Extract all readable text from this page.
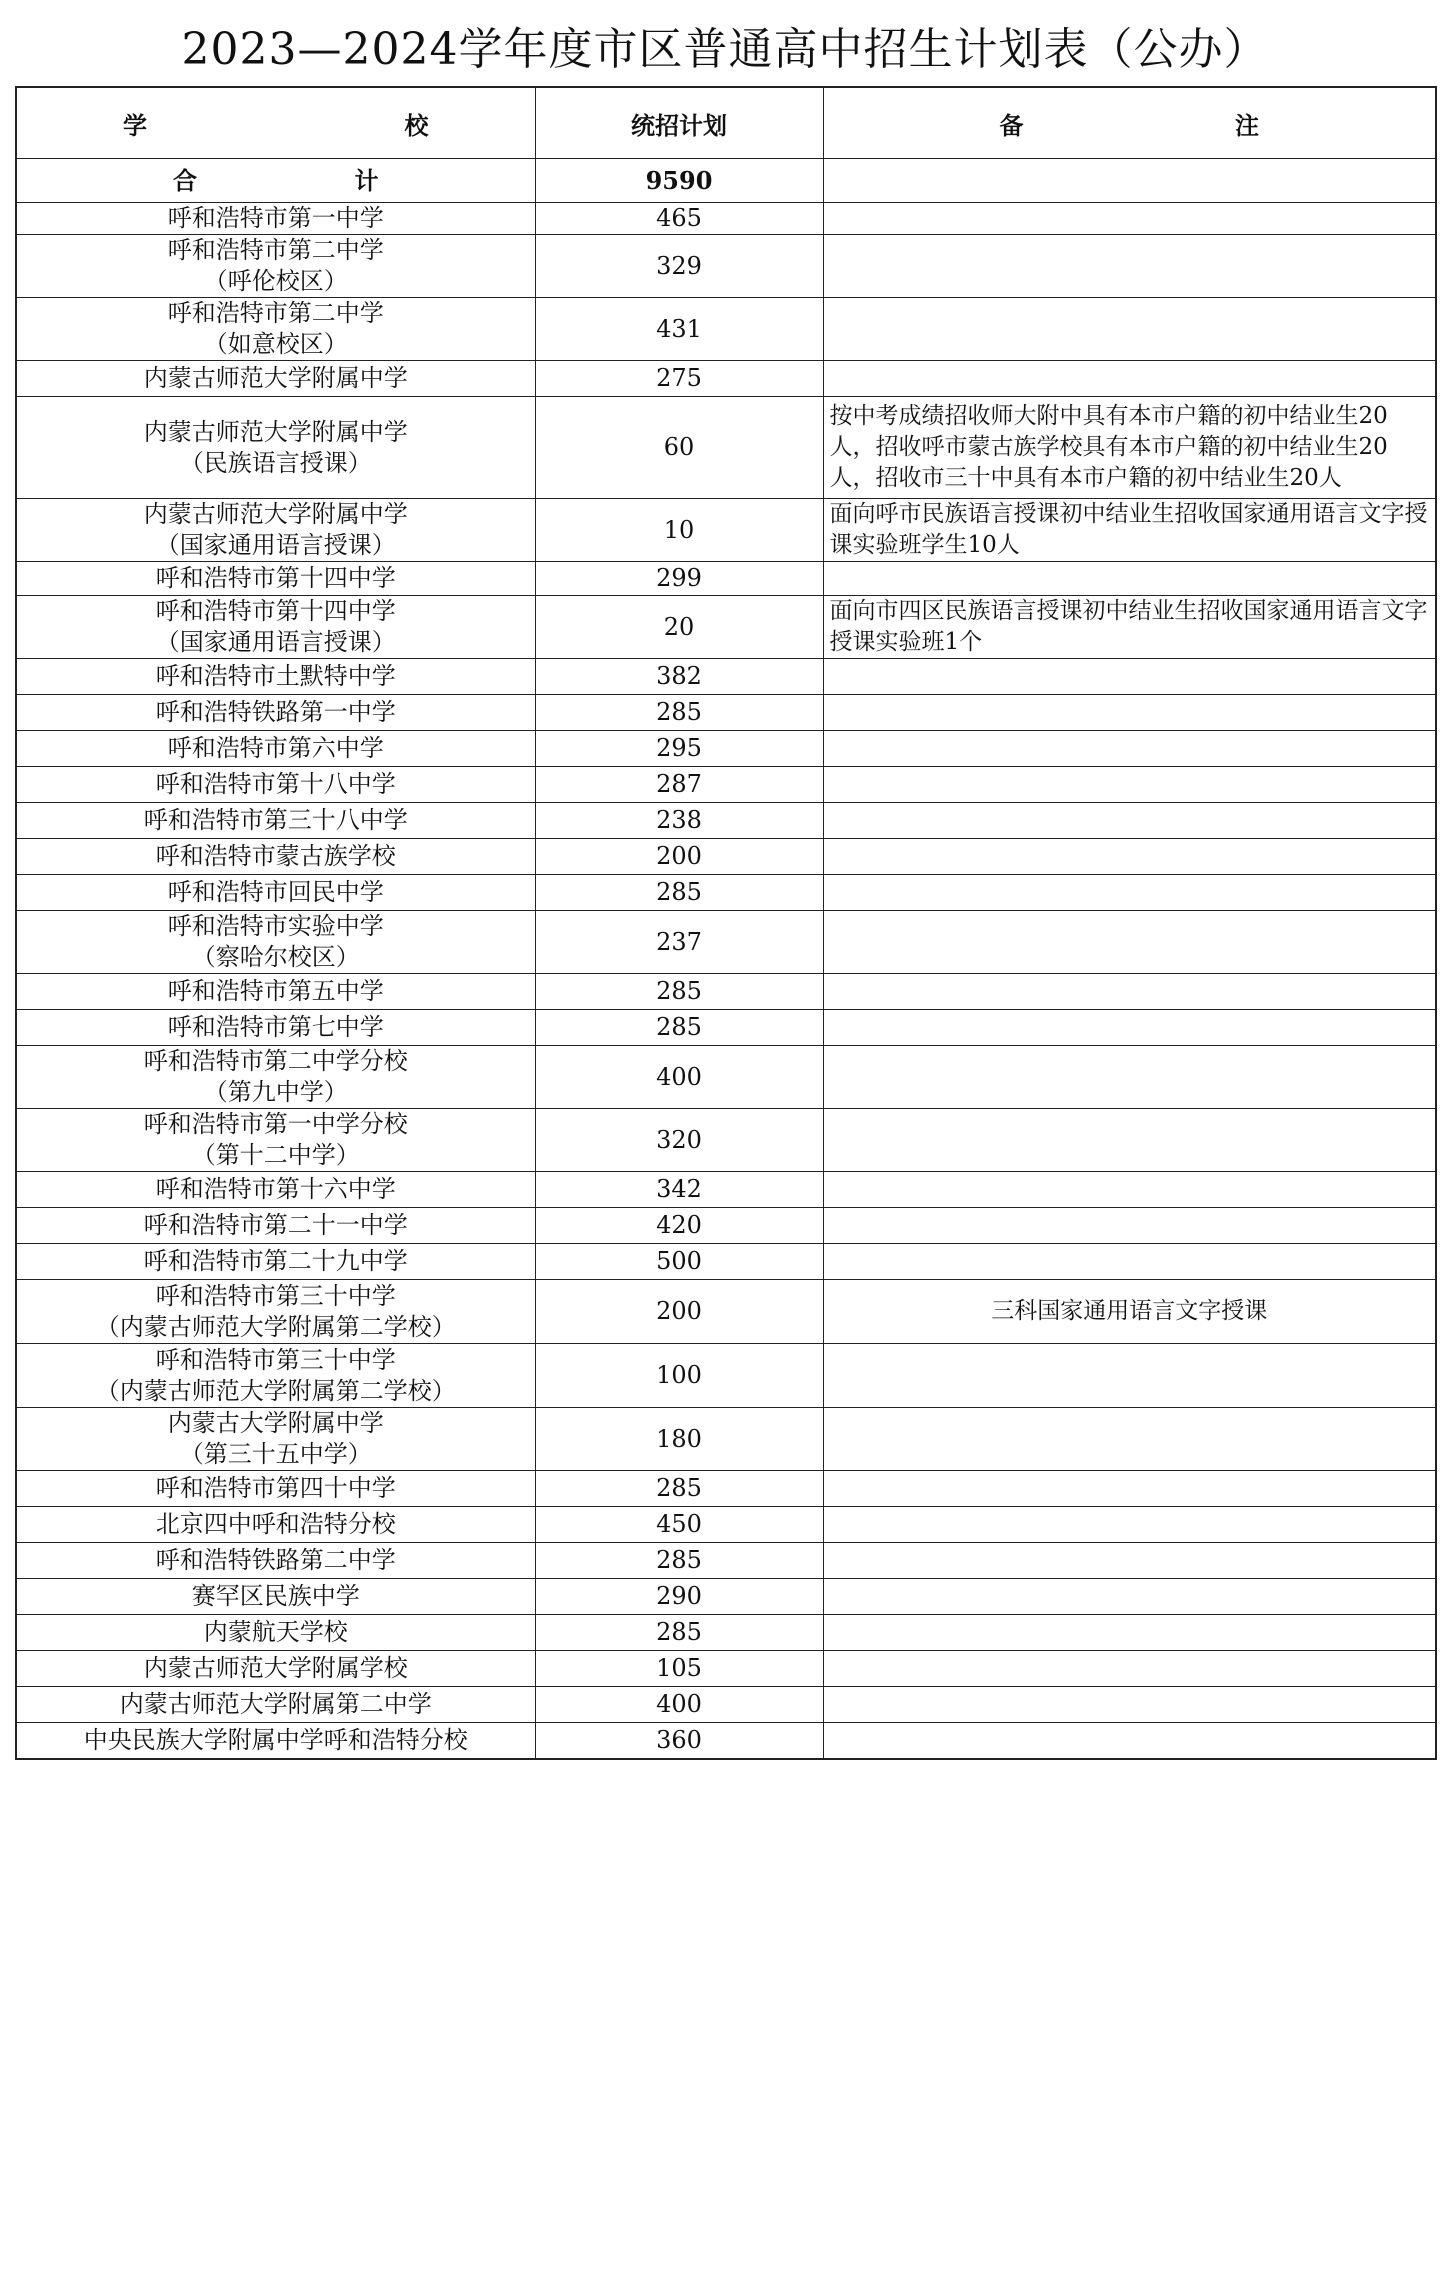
2023—2024学年度市区普通高中招生计划表（公办）
学　　　　校	统招计划	备　　　　　　　注
合　　　　　计	9590	
呼和浩特市第一中学	465	
呼和浩特市第二中学
（呼伦校区）	329	
呼和浩特市第二中学
（如意校区）	431	
内蒙古师范大学附属中学	275	
内蒙古师范大学附属中学
（民族语言授课）	60	按中考成绩招收师大附中具有本市户籍的初中结业生20人，招收呼市蒙古族学校具有本市户籍的初中结业生20人，招收市三十中具有本市户籍的初中结业生20人
内蒙古师范大学附属中学
（国家通用语言授课）	10	面向呼市民族语言授课初中结业生招收国家通用语言文字授课实验班学生10人
呼和浩特市第十四中学	299	
呼和浩特市第十四中学
（国家通用语言授课）	20	面向市四区民族语言授课初中结业生招收国家通用语言文字授课实验班1个
呼和浩特市土默特中学	382	
呼和浩特铁路第一中学	285	
呼和浩特市第六中学	295	
呼和浩特市第十八中学	287	
呼和浩特市第三十八中学	238	
呼和浩特市蒙古族学校	200	
呼和浩特市回民中学	285	
呼和浩特市实验中学
（察哈尔校区）	237	
呼和浩特市第五中学	285	
呼和浩特市第七中学	285	
呼和浩特市第二中学分校
（第九中学）	400	
呼和浩特市第一中学分校
（第十二中学）	320	
呼和浩特市第十六中学	342	
呼和浩特市第二十一中学	420	
呼和浩特市第二十九中学	500	
呼和浩特市第三十中学
（内蒙古师范大学附属第二学校）	200	三科国家通用语言文字授课
呼和浩特市第三十中学
（内蒙古师范大学附属第二学校）	100	
内蒙古大学附属中学
（第三十五中学）	180	
呼和浩特市第四十中学	285	
北京四中呼和浩特分校	450	
呼和浩特铁路第二中学	285	
赛罕区民族中学	290	
内蒙航天学校	285	
内蒙古师范大学附属学校	105	
内蒙古师范大学附属第二中学	400	
中央民族大学附属中学呼和浩特分校	360	
